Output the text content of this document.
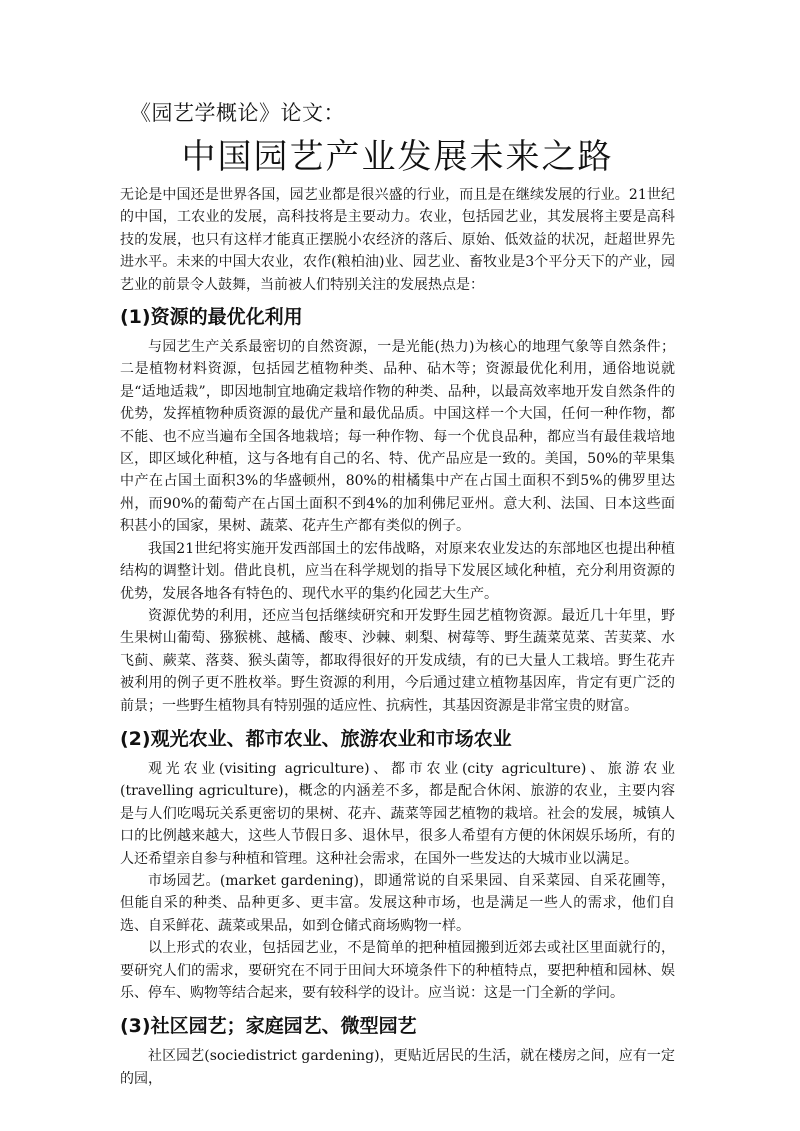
《园艺学概论》论文：
中国园艺产业发展未来之路

无论是中国还是世界各国，园艺业都是很兴盛的行业，而且是在继续发展的行业。21世纪的中国，工农业的发展，高科技将是主要动力。农业，包括园艺业，其发展将主要是高科技的发展，也只有这样才能真正摆脱小农经济的落后、原始、低效益的状况，赶超世界先进水平。未来的中国大农业，农作(粮柏油)业、园艺业、畜牧业是3个平分天下的产业，园艺业的前景令人鼓舞，当前被人们特别关注的发展热点是：

(1)资源的最优化利用

与园艺生产关系最密切的自然资源，一是光能(热力)为核心的地理气象等自然条件；二是植物材料资源，包括园艺植物种类、品种、砧木等；资源最优化利用，通俗地说就是“适地适栽”，即因地制宜地确定栽培作物的种类、品种，以最高效率地开发自然条件的优势，发挥植物种质资源的最优产量和最优品质。中国这样一个大国，任何一种作物，都不能、也不应当遍布全国各地栽培；每一种作物、每一个优良品种，都应当有最佳栽培地区，即区域化种植，这与各地有自己的名、特、优产品应是一致的。美国，50%的苹果集中产在占国土面积3%的华盛顿州，80%的柑橘集中产在占国土面积不到5%的佛罗里达州，而90%的葡萄产在占国土面积不到4%的加利佛尼亚州。意大利、法国、日本这些面积甚小的国家，果树、蔬菜、花卉生产都有类似的例子。

我国21世纪将实施开发西部国土的宏伟战略，对原来农业发达的东部地区也提出种植结构的调整计划。借此良机，应当在科学规划的指导下发展区域化种植，充分利用资源的优势，发展各地各有特色的、现代水平的集约化园艺大生产。

资源优势的利用，还应当包括继续研究和开发野生园艺植物资源。最近几十年里，野生果树山葡萄、猕猴桃、越橘、酸枣、沙棘、刺梨、树莓等、野生蔬菜苋菜、苦荬菜、水飞蓟、蕨菜、落葵、猴头菌等，都取得很好的开发成绩，有的已大量人工栽培。野生花卉被利用的例子更不胜枚举。野生资源的利用，今后通过建立植物基因库，肯定有更广泛的前景；一些野生植物具有特别强的适应性、抗病性，其基因资源是非常宝贵的财富。

(2)观光农业、都市农业、旅游农业和市场农业

观光农业(visiting agriculture)、都市农业(city agriculture)、旅游农业(travelling agriculture)，概念的内涵差不多，都是配合休闲、旅游的农业，主要内容是与人们吃喝玩关系更密切的果树、花卉、蔬菜等园艺植物的栽培。社会的发展，城镇人口的比例越来越大，这些人节假日多、退休早，很多人希望有方便的休闲娱乐场所，有的人还希望亲自参与种植和管理。这种社会需求，在国外一些发达的大城市业以满足。

市场园艺。(market gardening)，即通常说的自采果园、自采菜园、自采花圃等，但能自采的种类、品种更多、更丰富。发展这种市场，也是满足一些人的需求，他们自选、自采鲜花、蔬菜或果品，如到仓储式商场购物一样。

以上形式的农业，包括园艺业，不是简单的把种植园搬到近郊去或社区里面就行的，要研究人们的需求，要研究在不同于田间大环境条件下的种植特点，要把种植和园林、娱乐、停车、购物等结合起来，要有较科学的设计。应当说：这是一门全新的学问。

(3)社区园艺；家庭园艺、微型园艺

社区园艺(sociedistrict gardening)，更贴近居民的生活，就在楼房之间，应有一定的园，
